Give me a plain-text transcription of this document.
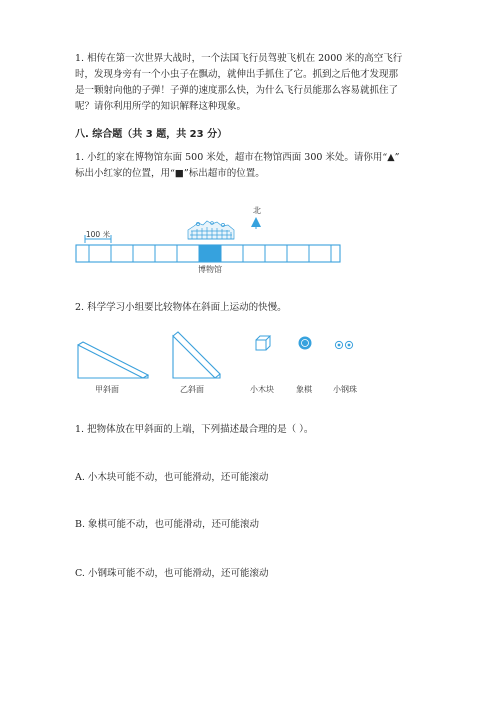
1. 相传在第一次世界大战时，一个法国飞行员驾驶飞机在 2000 米的高空飞行
时，发现身旁有一个小虫子在飘动，就伸出手抓住了它。抓到之后他才发现那
是一颗射向他的子弹！子弹的速度那么快，为什么飞行员能那么容易就抓住了
呢？请你利用所学的知识解释这种现象。
八. 综合题（共 3 题，共 23 分）
1. 小红的家在博物馆东面 500 米处，超市在物馆西面 300 米处。请你用“▲”
标出小红家的位置，用“■”标出超市的位置。
100 米
北
博物馆
2. 科学学习小组要比较物体在斜面上运动的快慢。
甲斜面	乙斜面	小木块	象棋	小钢珠
1. 把物体放在甲斜面的上端，下列描述最合理的是（ ）。
A. 小木块可能不动，也可能滑动，还可能滚动
B. 象棋可能不动，也可能滑动，还可能滚动
C. 小钢珠可能不动，也可能滑动，还可能滚动
